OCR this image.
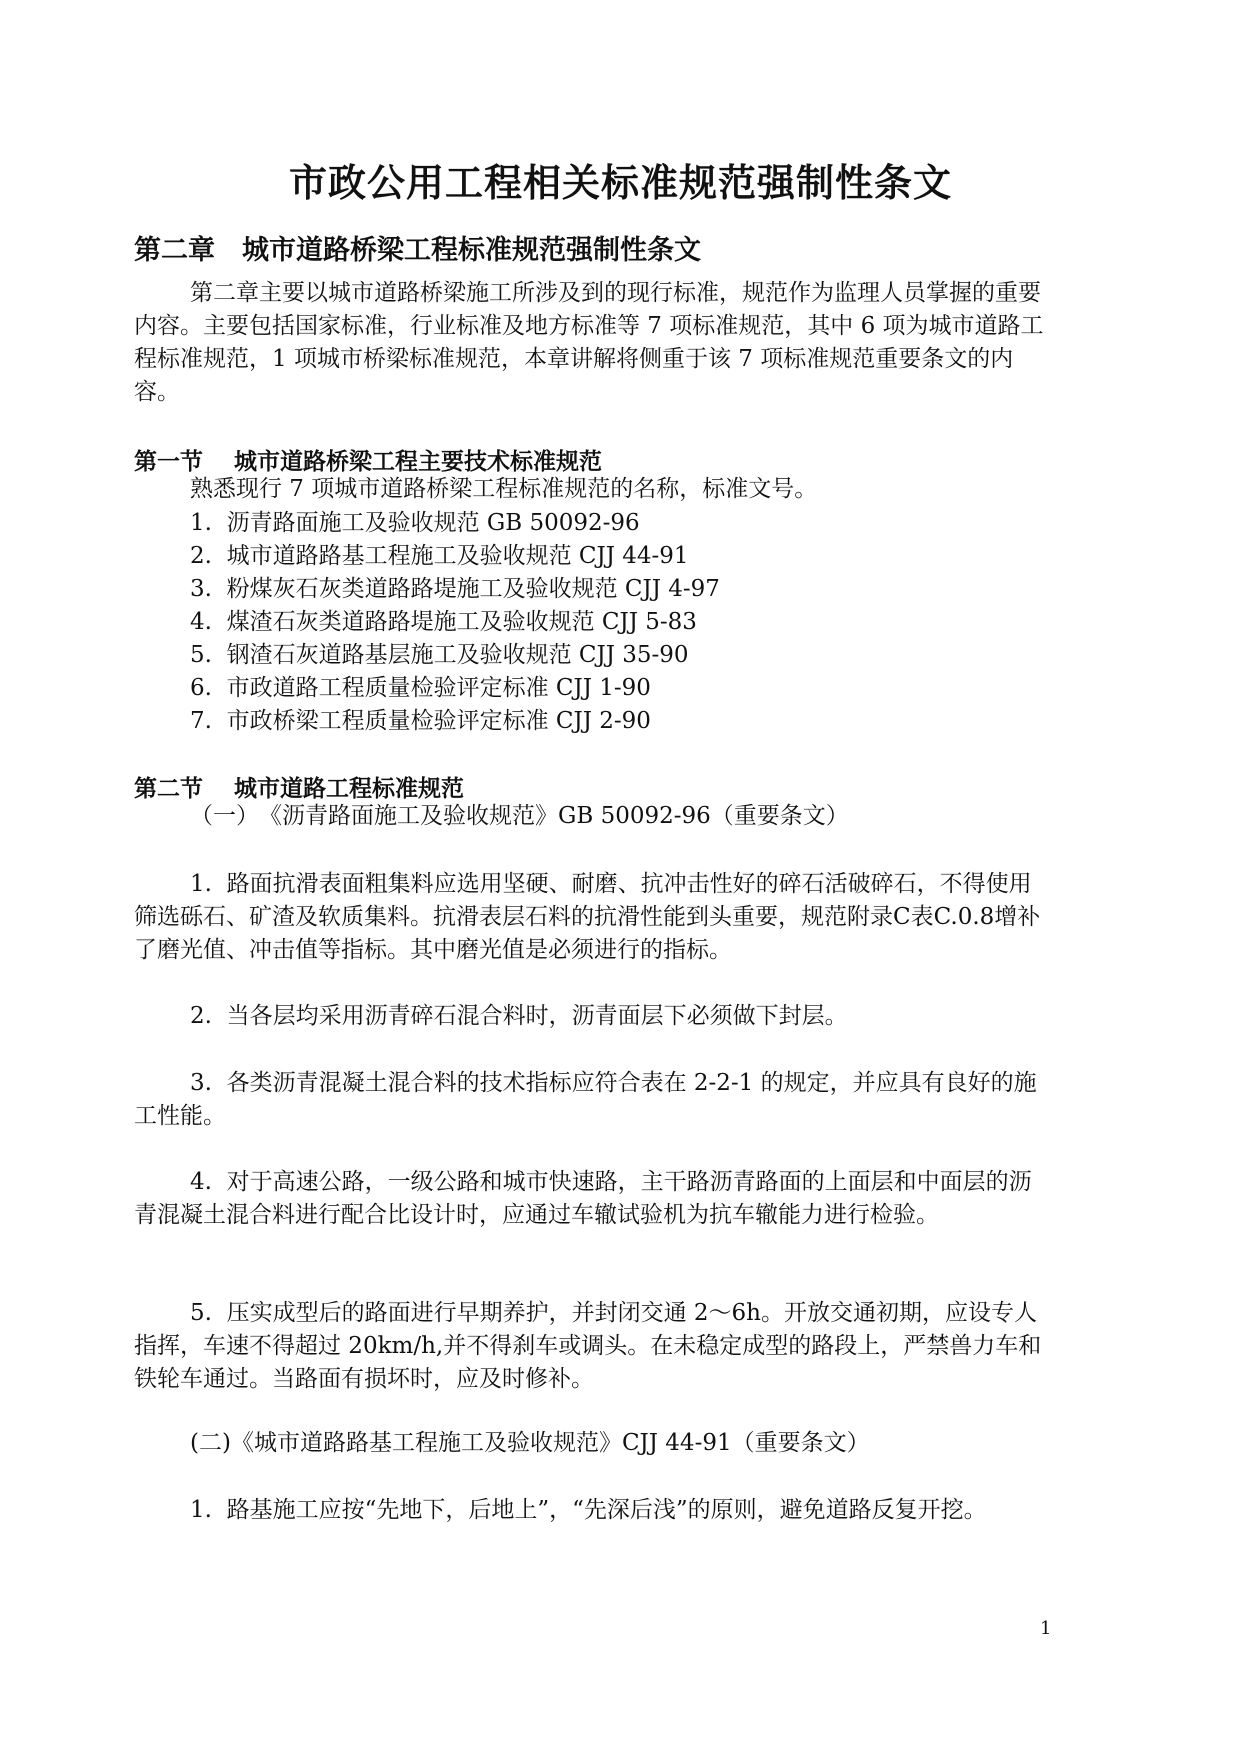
市政公用工程相关标准规范强制性条文
第二章　城市道路桥梁工程标准规范强制性条文
第二章主要以城市道路桥梁施工所涉及到的现行标准，规范作为监理人员掌握的重要内容。主要包括国家标准，行业标准及地方标准等 7 项标准规范，其中 6 项为城市道路工程标准规范，1 项城市桥梁标准规范，本章讲解将侧重于该 7 项标准规范重要条文的内容。
第一节　 城市道路桥梁工程主要技术标准规范
熟悉现行 7 项城市道路桥梁工程标准规范的名称，标准文号。
1.  沥青路面施工及验收规范 GB 50092-96
2.  城市道路路基工程施工及验收规范 CJJ 44-91
3.  粉煤灰石灰类道路路堤施工及验收规范 CJJ 4-97
4.  煤渣石灰类道路路堤施工及验收规范 CJJ 5-83
5.  钢渣石灰道路基层施工及验收规范 CJJ 35-90
6.  市政道路工程质量检验评定标准 CJJ 1-90
7.  市政桥梁工程质量检验评定标准 CJJ 2-90
第二节　 城市道路工程标准规范
（一）　《沥青路面施工及验收规范》GB 50092-96（重要条文）
1.  路面抗滑表面粗集料应选用坚硬、耐磨、抗冲击性好的碎石活破碎石，不得使用筛选砾石、矿渣及软质集料。抗滑表层石料的抗滑性能到头重要，规范附录C表C.0.8增补了磨光值、冲击值等指标。其中磨光值是必须进行的指标。
2.  当各层均采用沥青碎石混合料时，沥青面层下必须做下封层。
3.  各类沥青混凝土混合料的技术指标应符合表在 2-2-1 的规定，并应具有良好的施工性能。
4.  对于高速公路，一级公路和城市快速路，主干路沥青路面的上面层和中面层的沥青混凝土混合料进行配合比设计时，应通过车辙试验机为抗车辙能力进行检验。
5.  压实成型后的路面进行早期养护，并封闭交通 2～6h。开放交通初期，应设专人指挥，车速不得超过 20km/h,并不得刹车或调头。在未稳定成型的路段上，严禁兽力车和铁轮车通过。当路面有损坏时，应及时修补。
(二)《城市道路路基工程施工及验收规范》CJJ 44-91（重要条文）
1.  路基施工应按“先地下，后地上”，“先深后浅”的原则，避免道路反复开挖。
1
